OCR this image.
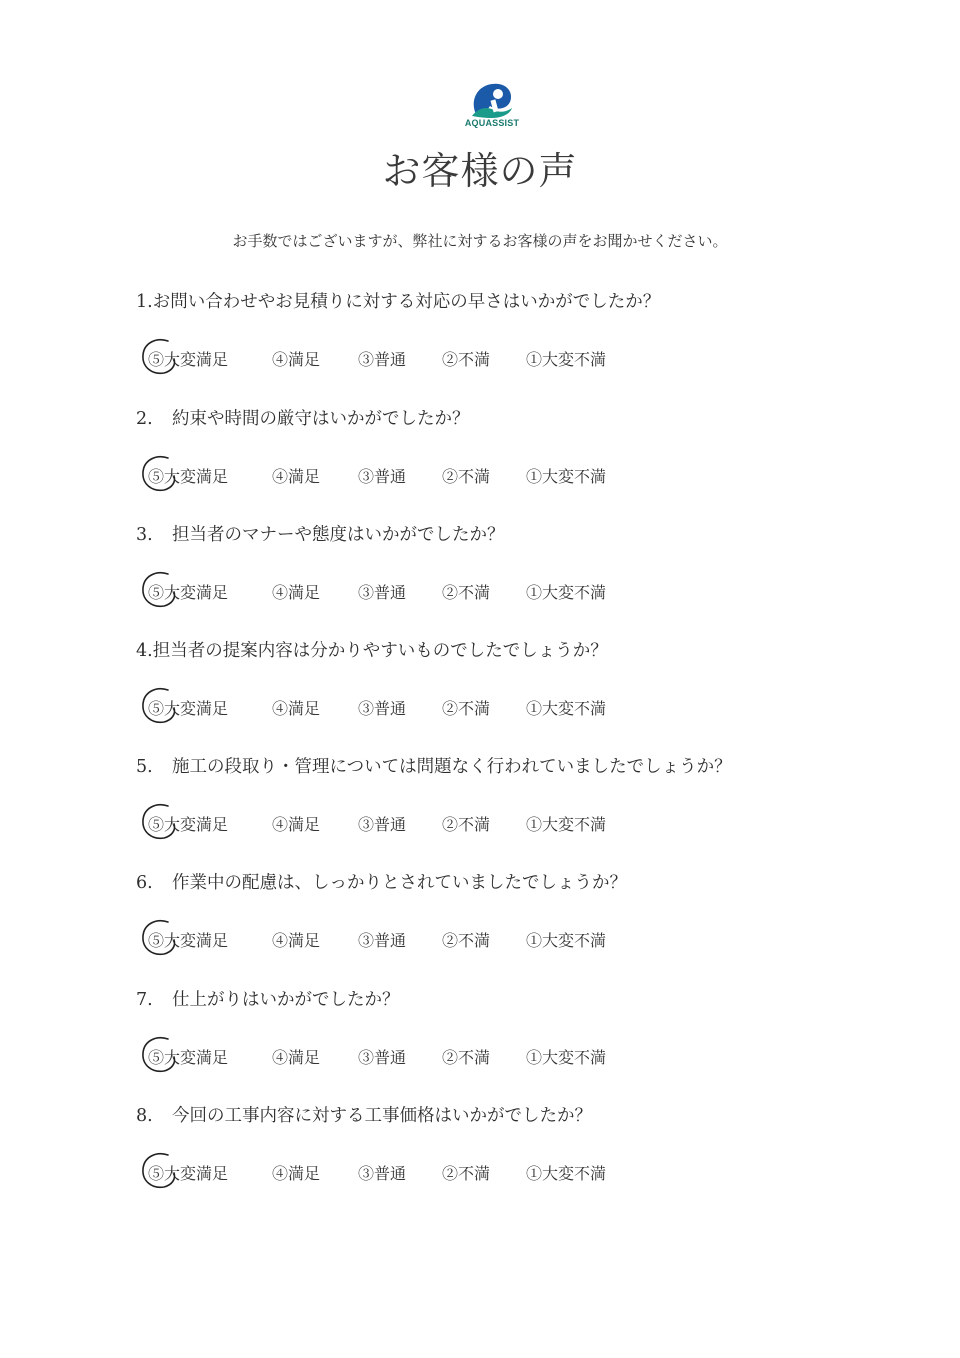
AQUASSIST
お客様の声
お手数ではございますが、弊社に対するお客様の声をお聞かせください。
1.お問い合わせやお見積りに対する対応の早さはいかがでしたか？
⑤大変満足	④満足 ③普通 ②不満 ①大変不満
2. 約束や時間の厳守はいかがでしたか？
⑤大変満足	④満足 ③普通 ②不満 ①大変不満
3. 担当者のマナーや態度はいかがでしたか？
⑤大変満足	④満足 ③普通 ②不満 ①大変不満
4.担当者の提案内容は分かりやすいものでしたでしょうか？
⑤大変満足	④満足 ③普通 ②不満 ①大変不満
5. 施工の段取り・管理については問題なく行われていましたでしょうか？
⑤大変満足	④満足 ③普通 ②不満 ①大変不満
6. 作業中の配慮は、しっかりとされていましたでしょうか？
⑤大変満足	④満足 ③普通 ②不満 ①大変不満
7. 仕上がりはいかがでしたか？
⑤大変満足	④満足 ③普通 ②不満 ①大変不満
8. 今回の工事内容に対する工事価格はいかがでしたか？
⑤大変満足	④満足 ③普通 ②不満 ①大変不満
